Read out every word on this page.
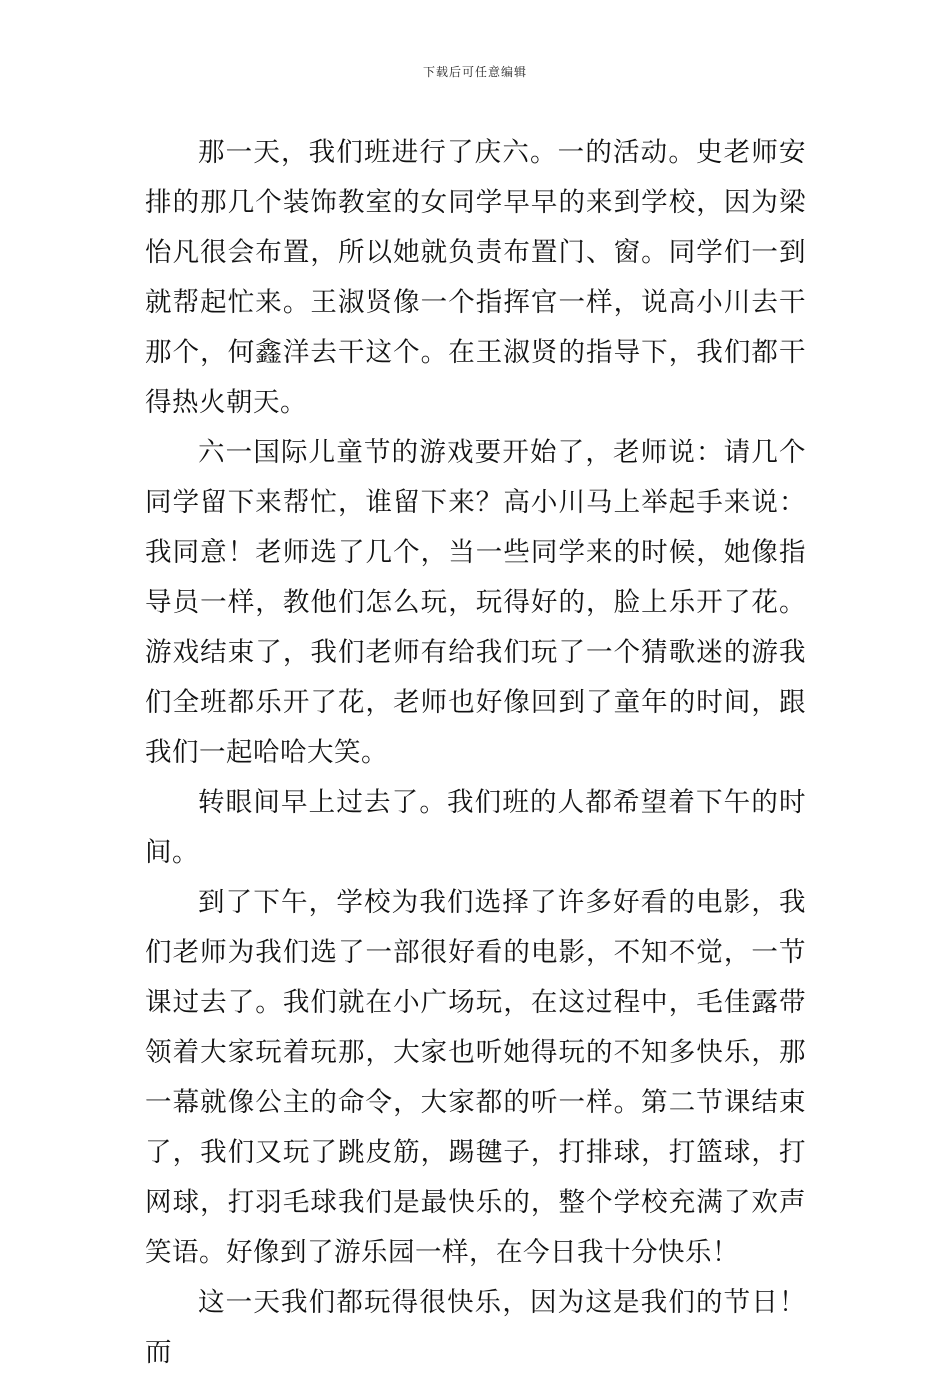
下载后可任意编辑

那一天，我们班进行了庆六。一的活动。史老师安排的那几个装饰教室的女同学早早的来到学校，因为梁怡凡很会布置，所以她就负责布置门、窗。同学们一到就帮起忙来。王淑贤像一个指挥官一样，说高小川去干那个，何鑫洋去干这个。在王淑贤的指导下，我们都干得热火朝天。

六一国际儿童节的游戏要开始了，老师说：请几个同学留下来帮忙，谁留下来？高小川马上举起手来说：我同意！老师选了几个，当一些同学来的时候，她像指导员一样，教他们怎么玩，玩得好的，脸上乐开了花。游戏结束了，我们老师有给我们玩了一个猜歌迷的游我们全班都乐开了花，老师也好像回到了童年的时间，跟我们一起哈哈大笑。

转眼间早上过去了。我们班的人都希望着下午的时间。

到了下午，学校为我们选择了许多好看的电影，我们老师为我们选了一部很好看的电影，不知不觉，一节课过去了。我们就在小广场玩，在这过程中，毛佳露带领着大家玩着玩那，大家也听她得玩的不知多快乐，那一幕就像公主的命令，大家都的听一样。第二节课结束了，我们又玩了跳皮筋，踢毽子，打排球，打篮球，打网球，打羽毛球我们是最快乐的，整个学校充满了欢声笑语。好像到了游乐园一样，在今日我十分快乐！

这一天我们都玩得很快乐，因为这是我们的节日！而
